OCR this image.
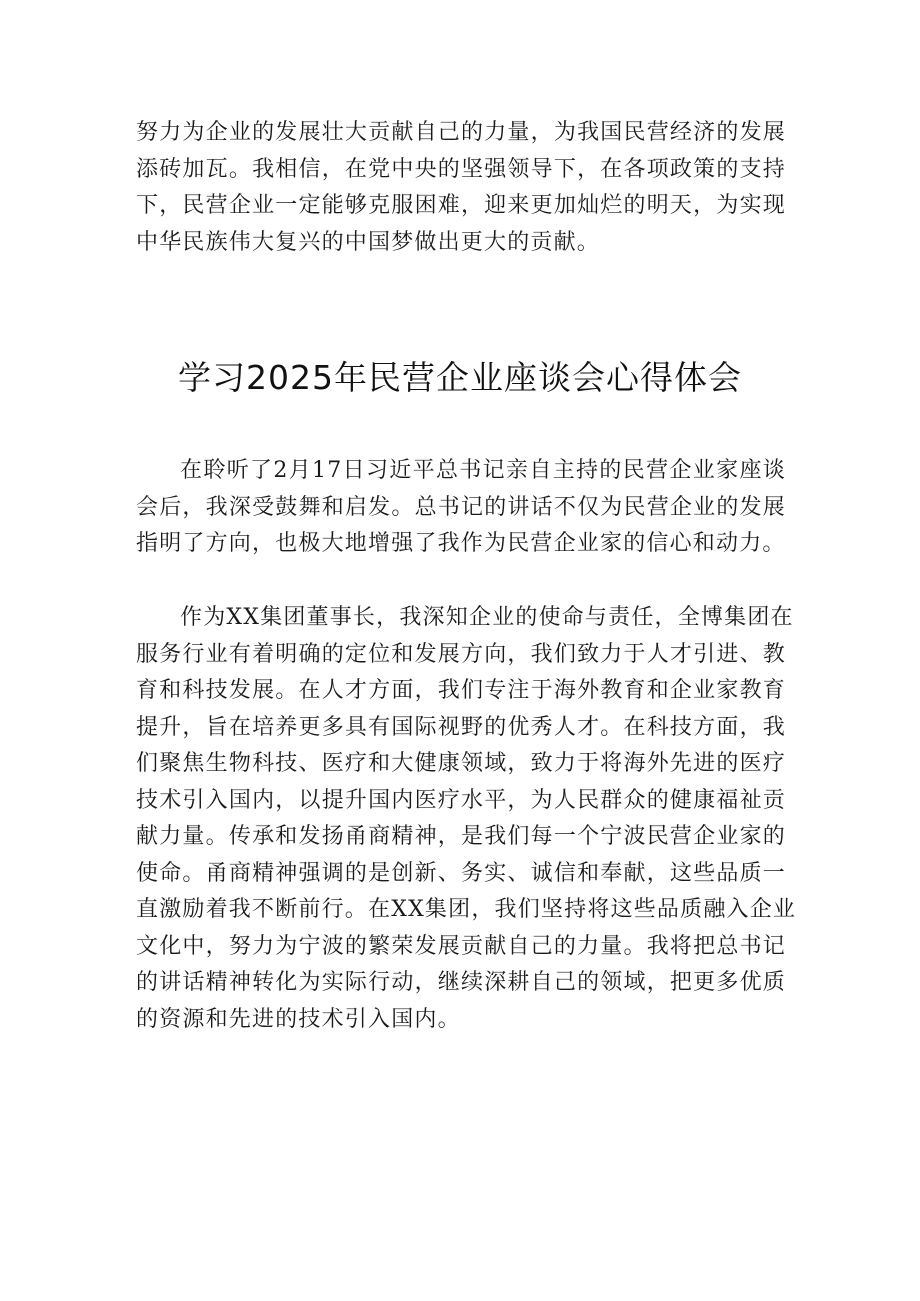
努力为企业的发展壮大贡献自己的力量，为我国民营经济的发展
添砖加瓦。我相信，在党中央的坚强领导下，在各项政策的支持
下，民营企业一定能够克服困难，迎来更加灿烂的明天，为实现
中华民族伟大复兴的中国梦做出更大的贡献。
学习2025年民营企业座谈会心得体会
在聆听了2月17日习近平总书记亲自主持的民营企业家座谈
会后，我深受鼓舞和启发。总书记的讲话不仅为民营企业的发展
指明了方向，也极大地增强了我作为民营企业家的信心和动力。
作为XX集团董事长，我深知企业的使命与责任，全博集团在
服务行业有着明确的定位和发展方向，我们致力于人才引进、教
育和科技发展。在人才方面，我们专注于海外教育和企业家教育
提升，旨在培养更多具有国际视野的优秀人才。在科技方面，我
们聚焦生物科技、医疗和大健康领域，致力于将海外先进的医疗
技术引入国内，以提升国内医疗水平，为人民群众的健康福祉贡
献力量。传承和发扬甬商精神，是我们每一个宁波民营企业家的
使命。甬商精神强调的是创新、务实、诚信和奉献，这些品质一
直激励着我不断前行。在XX集团，我们坚持将这些品质融入企业
文化中，努力为宁波的繁荣发展贡献自己的力量。我将把总书记
的讲话精神转化为实际行动，继续深耕自己的领域，把更多优质
的资源和先进的技术引入国内。
